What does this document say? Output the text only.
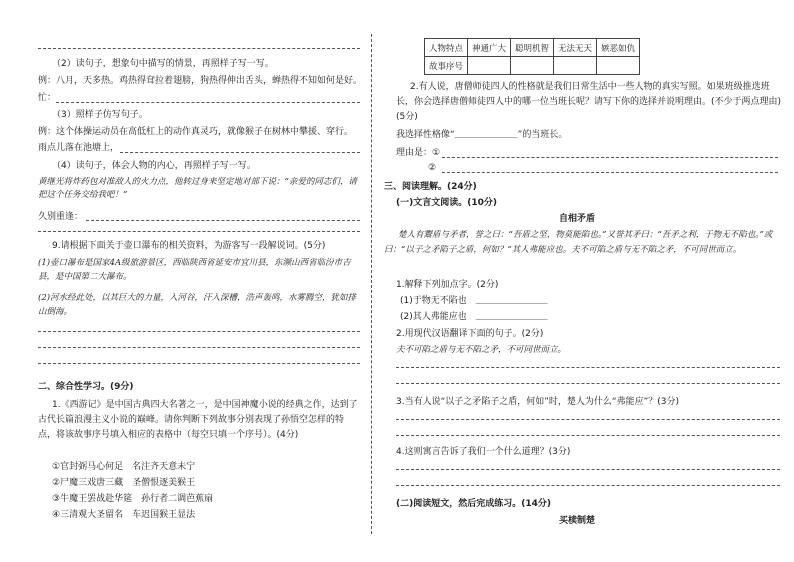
（2）读句子，想象句中描写的情景，再照样子写一写。
例：八月，天多热。鸡热得耷拉着翅膀，狗热得伸出舌头，蝉热得不知如何是好。
忙：
（3）照样子仿写句子。
例：这个体操运动员在高低杠上的动作真灵巧，就像猴子在树林中攀援、穿行。
雨点儿落在池塘上，
（4）读句子，体会人物的内心，再照样子写一写。
黄继光将炸药包对准敌人的火力点，他转过身来坚定地对部下说：“亲爱的同志们，请把这个任务交给我吧！”
久别重逢：
9.请根据下面关于壶口瀑布的相关资料，为游客写一段解说词。(5分)
(1)壶口瀑布是国家4A级旅游景区，西临陕西省延安市宜川县，东濒山西省临汾市吉县，是中国第二大瀑布。
(2)河水经此处，以其巨大的力量，入河谷，汗入深槽，浩声轰鸣，水雾腾空，犹如排山倒海。
二、综合性学习。(9分)
1.《西游记》是中国古典四大名著之一，是中国神魔小说的经典之作，达到了古代长篇浪漫主义小说的巅峰。请你判断下列故事分别表现了孙悟空怎样的特点，将该故事序号填入相应的表格中（每空只填一个序号）。(4分)
①官封弼马心何足　名注齐天意未宁
②尸魔三戏唐三藏　圣僧恨逐美猴王
③牛魔王罢战赴华筵　孙行者二调芭蕉扇
④三清观大圣留名　车迟国猴王显法
人物特点	神通广大	聪明机智	无法无天	嫉恶如仇
故事序号				
2.有人说，唐僧师徒四人的性格就是我们日常生活中一些人物的真实写照。如果班级推选班长，你会选择唐僧师徒四人中的哪一位当班长呢？请写下你的选择并说明理由。(不少于两点理由)(5分)
我选择性格像“＿＿＿＿＿＿＿”的当班长。
理由是：①
②
三、阅读理解。(24分)
(一)文言文阅读。(10分)
自相矛盾
楚人有鬻盾与矛者，誉之曰：“吾盾之坚，物莫能陷也。”又誉其矛曰：“吾矛之利，于物无不陷也。”或曰：“以子之矛陷子之盾，何如？”其人弗能应也。夫不可陷之盾与无不陷之矛，不可同世而立。
1.解释下列加点字。(2分)
(1)于物无不陷也　＿＿＿＿＿＿＿＿
(2)其人弗能应也　＿＿＿＿＿＿＿＿
2.用现代汉语翻译下面的句子。(2分)
夫不可陷之盾与无不陷之矛，不可同世而立。
3.当有人说“以子之矛陷子之盾，何如”时，楚人为什么“弗能应”？(3分)
4.这则寓言告诉了我们一个什么道理？(3分)
(二)阅读短文，然后完成练习。(14分)
买椟制楚
